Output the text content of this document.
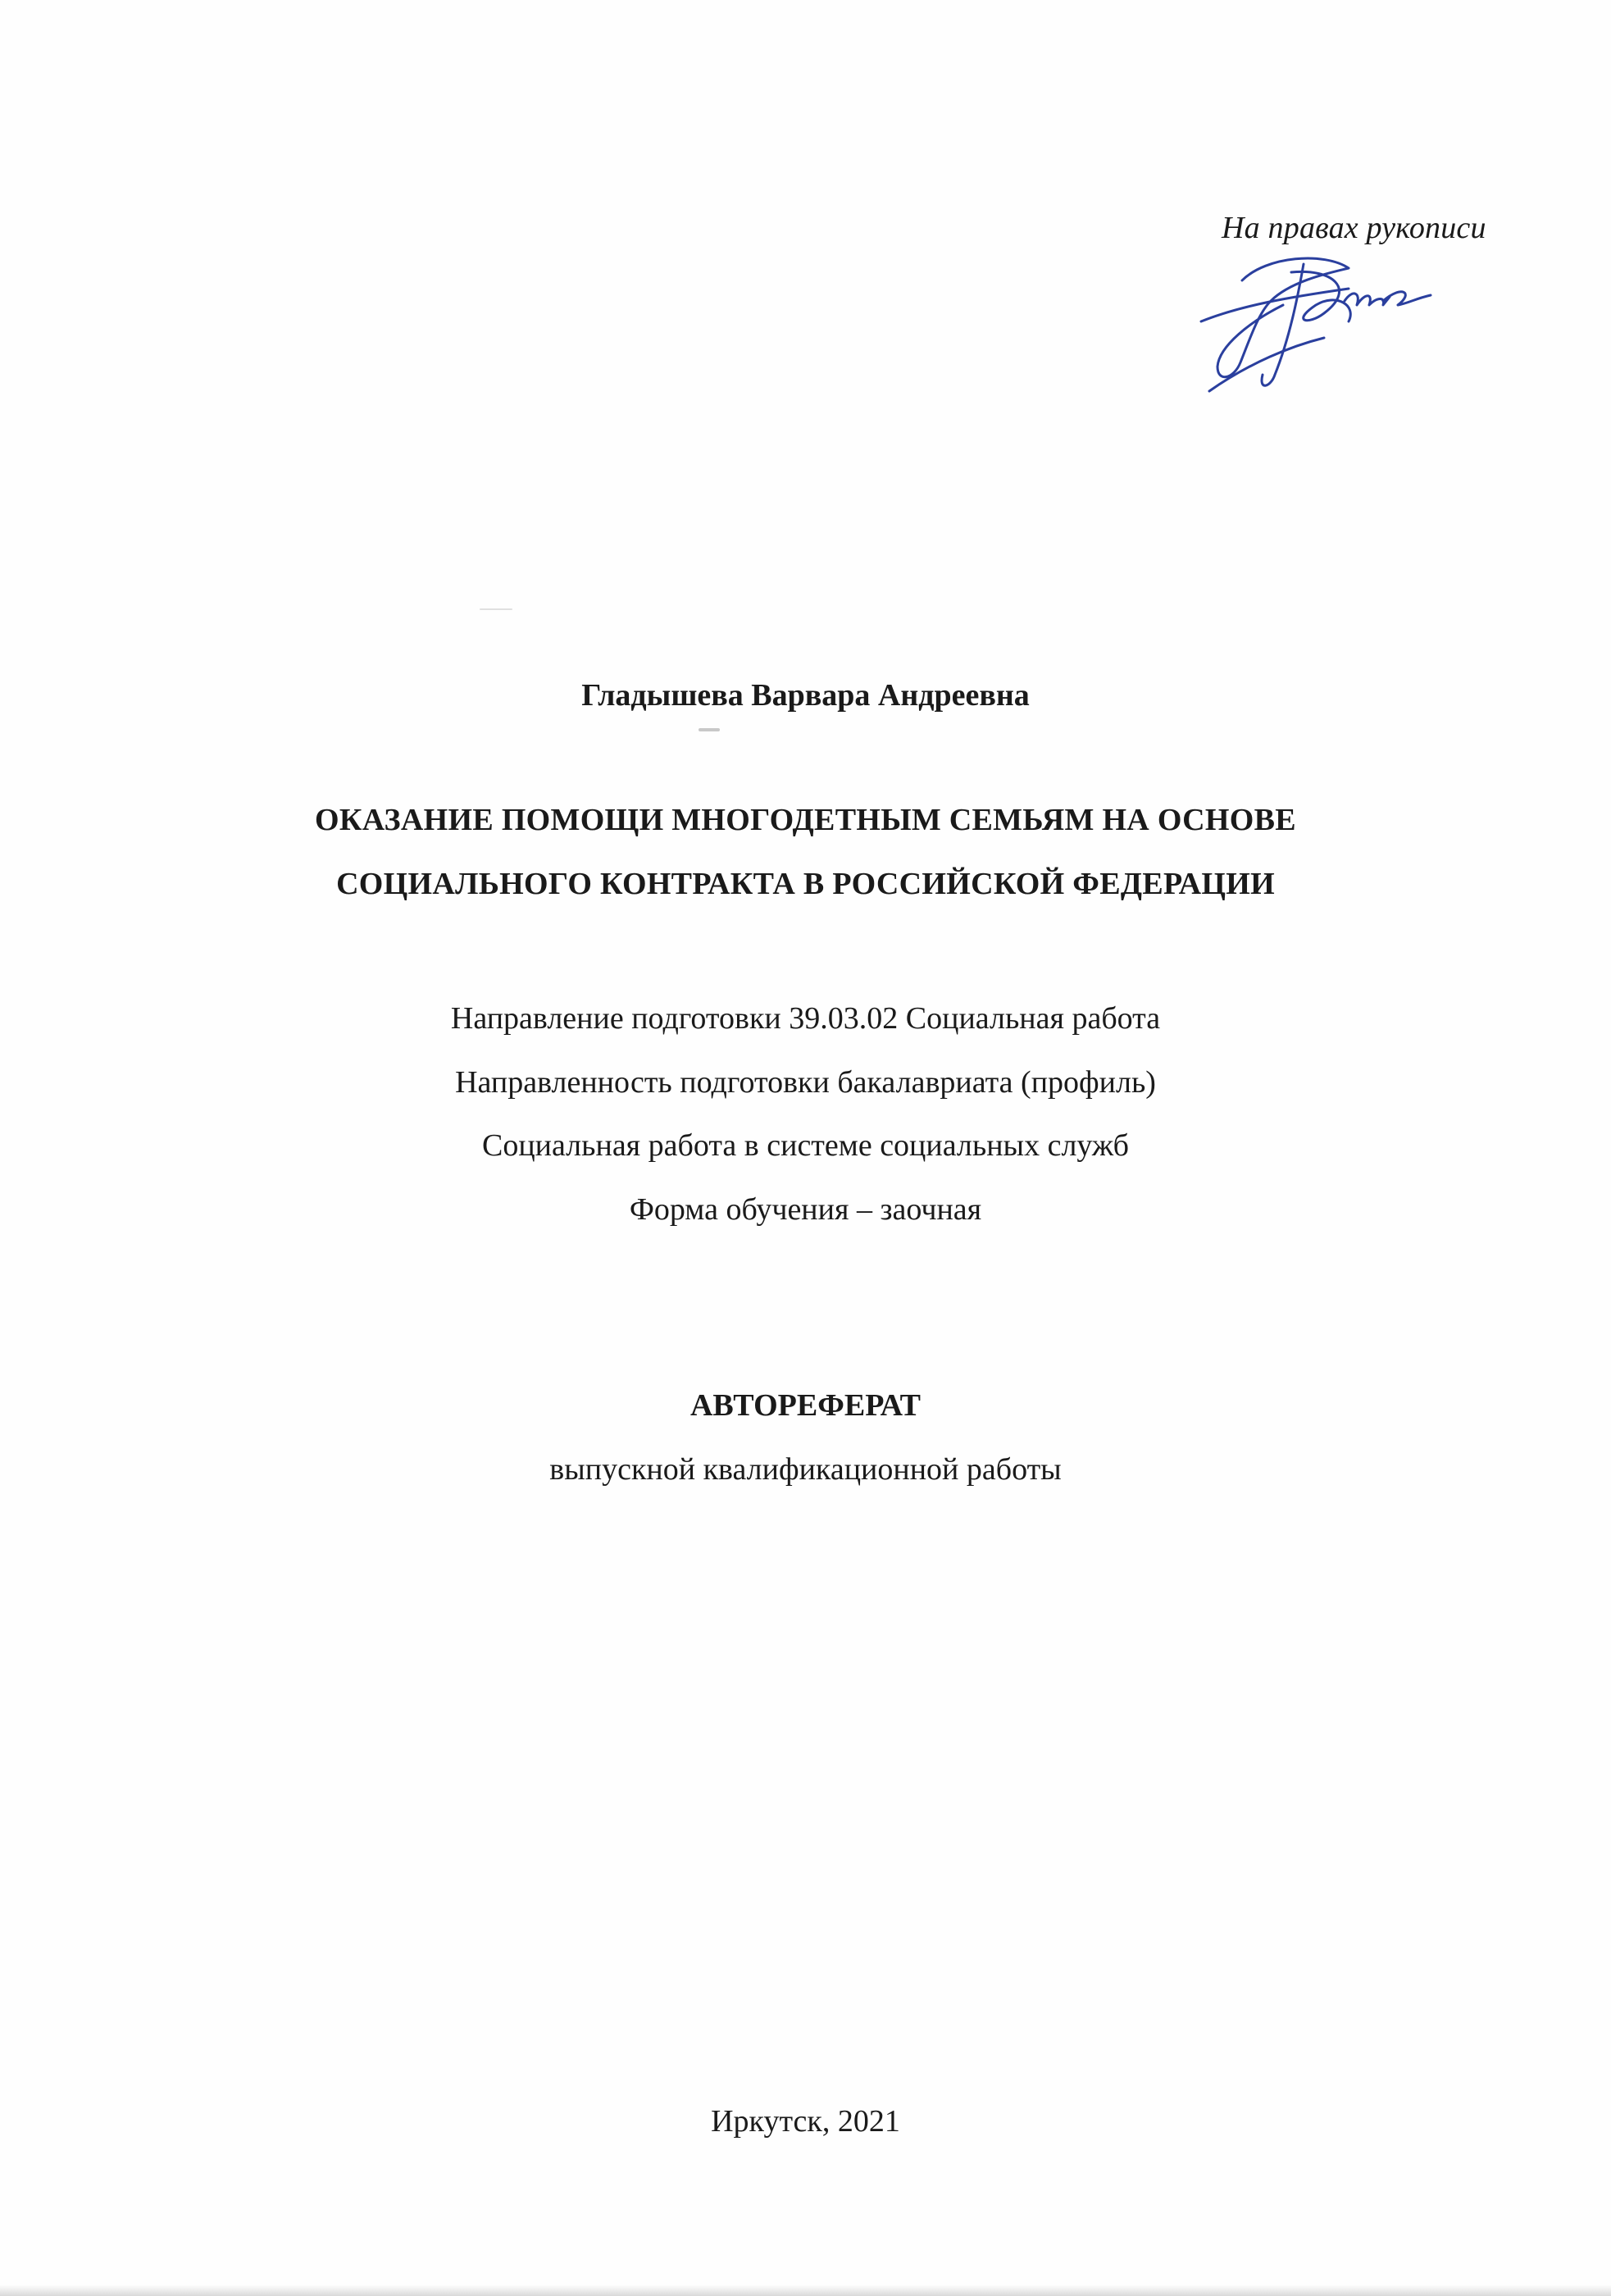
На правах рукописи
Гладышева Варвара Андреевна
ОКАЗАНИЕ ПОМОЩИ МНОГОДЕТНЫМ СЕМЬЯМ НА ОСНОВЕ
СОЦИАЛЬНОГО КОНТРАКТА В РОССИЙСКОЙ ФЕДЕРАЦИИ
Направление подготовки 39.03.02 Социальная работа
Направленность подготовки бакалавриата (профиль)
Социальная работа в системе социальных служб
Форма обучения – заочная
АВТОРЕФЕРАТ
выпускной квалификационной работы
Иркутск, 2021
